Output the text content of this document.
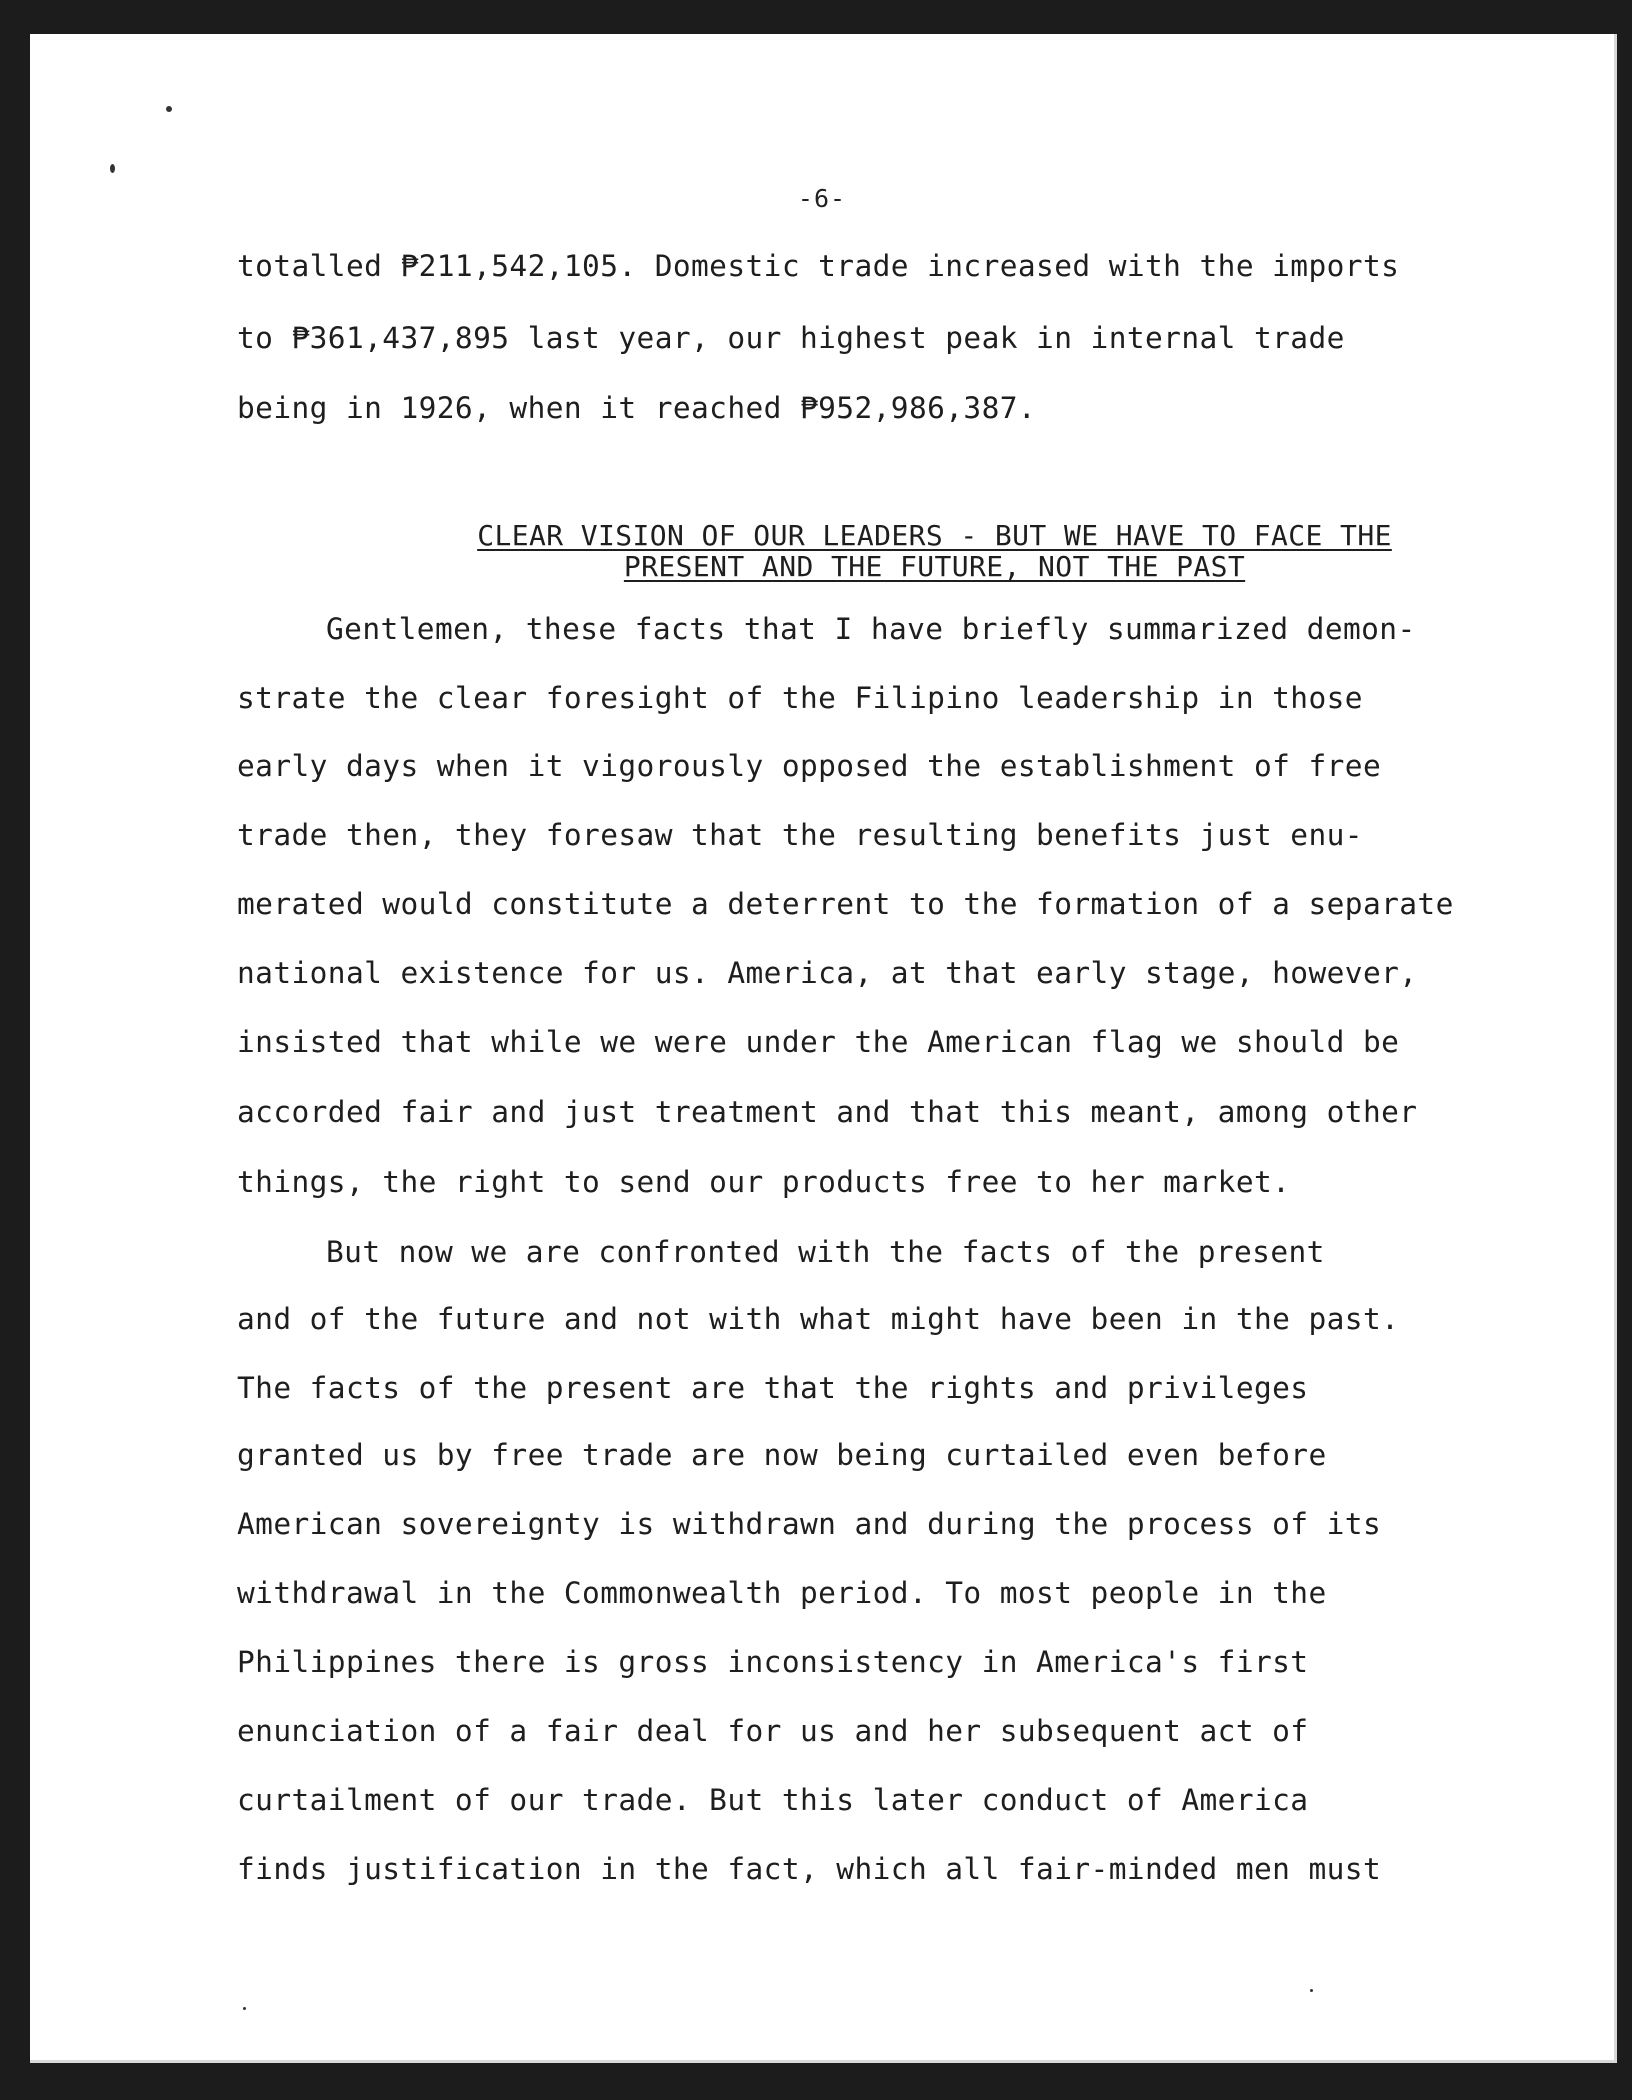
-6-
totalled ₱211,542,105. Domestic trade increased with the imports
to ₱361,437,895 last year, our highest peak in internal trade
being in 1926, when it reached ₱952,986,387.

CLEAR VISION OF OUR LEADERS - BUT WE HAVE TO FACE THE

PRESENT AND THE FUTURE, NOT THE PAST

Gentlemen, these facts that I have briefly summarized demon-
strate the clear foresight of the Filipino leadership in those
early days when it vigorously opposed the establishment of free
trade then, they foresaw that the resulting benefits just enu-
merated would constitute a deterrent to the formation of a separate
national existence for us. America, at that early stage, however,
insisted that while we were under the American flag we should be
accorded fair and just treatment and that this meant, among other
things, the right to send our products free to her market.
But now we are confronted with the facts of the present
and of the future and not with what might have been in the past.
The facts of the present are that the rights and privileges
granted us by free trade are now being curtailed even before
American sovereignty is withdrawn and during the process of its
withdrawal in the Commonwealth period. To most people in the
Philippines there is gross inconsistency in America's first
enunciation of a fair deal for us and her subsequent act of
curtailment of our trade. But this later conduct of America
finds justification in the fact, which all fair-minded men must
